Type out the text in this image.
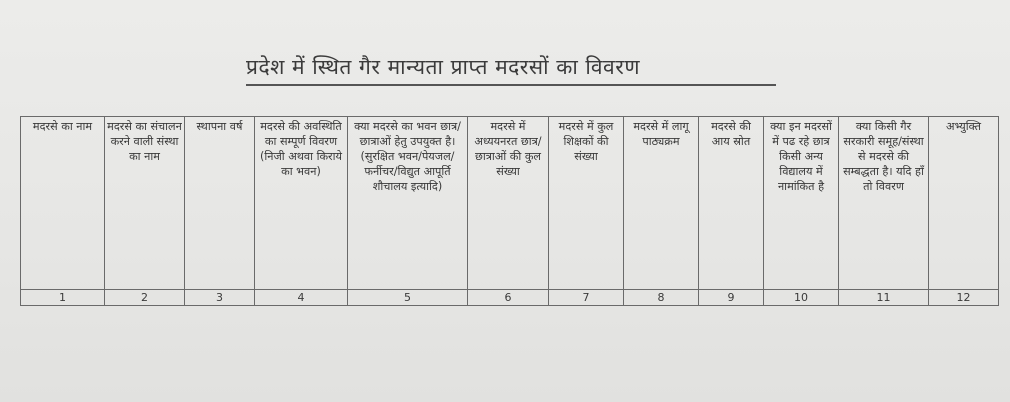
प्रदेश में स्थित गैर मान्यता प्राप्त मदरसों का विवरण
मदरसे का नाम	मदरसे का संचालन करने वाली संस्था का नाम	स्थापना वर्ष	मदरसे की अवस्थिति का सम्पूर्ण विवरण (निजी अथवा किराये का भवन)	क्या मदरसे का भवन छात्र/छात्राओं हेतु उपयुक्त है। (सुरक्षित भवन/पेयजल/फर्नीचर/विद्युत आपूर्ति शौचालय इत्यादि)	मदरसे में अध्ययनरत छात्र/छात्राओं की कुल संख्या	मदरसे में कुल शिक्षकों की संख्या	मदरसे में लागू पाठ्यक्रम	मदरसे की आय स्रोत	क्या इन मदरसों में पढ रहे छात्र किसी अन्य विद्यालय में नामांकित है	क्या किसी गैर सरकारी समूह/संस्था से मदरसे की सम्बद्धता है। यदि हाँ तो विवरण	अभ्युक्ति
1	2	3	4	5	6	7	8	9	10	11	12
